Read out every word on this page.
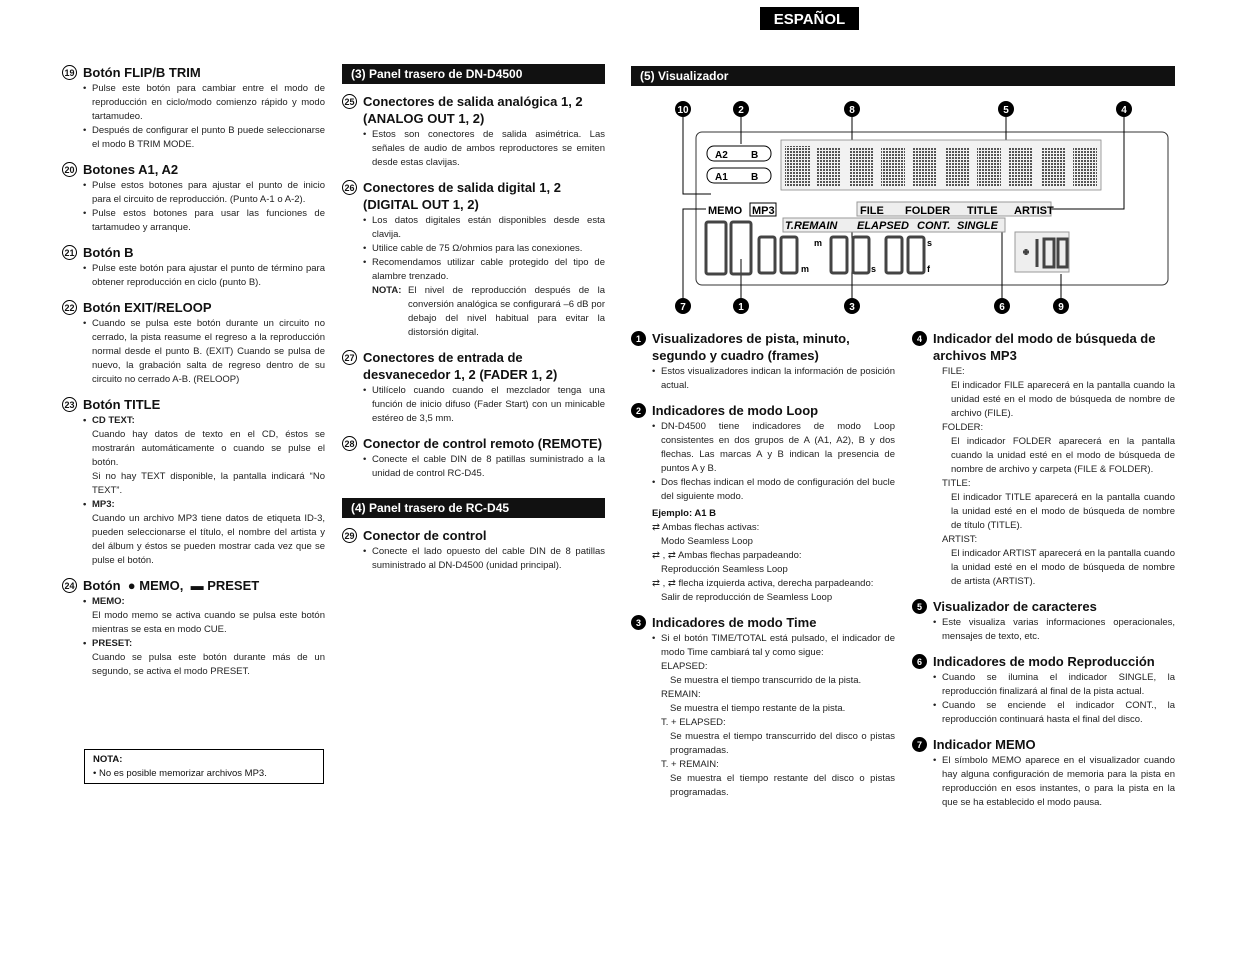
ESPAÑOL
19 Botón FLIP/B TRIM
• Pulse este botón para cambiar entre el modo de reproducción en ciclo/modo comienzo rápido y modo tartamudeo.
• Después de configurar el punto B puede seleccionarse el modo B TRIM MODE.
20 Botones A1, A2
• Pulse estos botones para ajustar el punto de inicio para el circuito de reproducción. (Punto A-1 o A-2).
• Pulse estos botones para usar las funciones de tartamudeo y arranque.
21 Botón B
• Pulse este botón para ajustar el punto de término para obtener reproducción en ciclo (punto B).
22 Botón EXIT/RELOOP
• Cuando se pulsa este botón durante un circuito no cerrado, la pista reasume el regreso a la reproducción normal desde el punto B. (EXIT) Cuando se pulsa de nuevo, la grabación salta de regreso dentro de su circuito no cerrado A-B. (RELOOP)
23 Botón TITLE
• CD TEXT:
Cuando hay datos de texto en el CD, éstos se mostrarán automáticamente o cuando se pulse el botón.
Si no hay TEXT disponible, la pantalla indicará “No TEXT”.
• MP3:
Cuando un archivo MP3 tiene datos de etiqueta ID-3, pueden seleccionarse el título, el nombre del artista y del álbum y éstos se pueden mostrar cada vez que se pulse el botón.
24 Botón ● MEMO, ▬ PRESET
• MEMO:
El modo memo se activa cuando se pulsa este botón mientras se esta en modo CUE.
• PRESET:
Cuando se pulsa este botón durante más de un segundo, se activa el modo PRESET.
NOTA:
• No es posible memorizar archivos MP3.
(3) Panel trasero de DN-D4500
25 Conectores de salida analógica 1, 2 (ANALOG OUT 1, 2)
• Estos son conectores de salida asimétrica. Las señales de audio de ambos reproductores se emiten desde estas clavijas.
26 Conectores de salida digital 1, 2 (DIGITAL OUT 1, 2)
• Los datos digitales están disponibles desde esta clavija.
• Utilice cable de 75 Ω/ohmios para las conexiones.
• Recomendamos utilizar cable protegido del tipo de alambre trenzado.
NOTA: El nivel de reproducción después de la conversión analógica se configurará –6 dB por debajo del nivel habitual para evitar la distorsión digital.
27 Conectores de entrada de desvanecedor 1, 2 (FADER 1, 2)
• Utilícelo cuando cuando el mezclador tenga una función de inicio difuso (Fader Start) con un minicable estéreo de 3,5 mm.
28 Conector de control remoto (REMOTE)
• Conecte el cable DIN de 8 patillas suministrado a la unidad de control RC-D45.
(4) Panel trasero de RC-D45
29 Conector de control
• Conecte el lado opuesto del cable DIN de 8 patillas suministrado al DN-D4500 (unidad principal).
(5) Visualizador
10	2	8	5	4
7	1	3	6	9
A2 B
A1 B
MEMO MP3	FILE FOLDER TITLE ARTIST
T.REMAIN ELAPSED CONT. SINGLE
m
m
s
s
f
1 Visualizadores de pista, minuto, segundo y cuadro (frames)
• Estos visualizadores indican la información de posición actual.
2 Indicadores de modo Loop
• DN-D4500 tiene indicadores de modo Loop consistentes en dos grupos de A (A1, A2), B y dos flechas. Las marcas A y B indican la presencia de puntos A y B.
• Dos flechas indican el modo de configuración del bucle del siguiente modo.
Ejemplo: A1 B
⇄ Ambas flechas activas:
Modo Seamless Loop
⇄ , ⇄ Ambas flechas parpadeando:
Reproducción Seamless Loop
⇄ , ⇄ flecha izquierda activa, derecha parpadeando:
Salir de reproducción de Seamless Loop
3 Indicadores de modo Time
• Si el botón TIME/TOTAL está pulsado, el indicador de modo Time cambiará tal y como sigue:
ELAPSED:
Se muestra el tiempo transcurrido de la pista.
REMAIN:
Se muestra el tiempo restante de la pista.
T. + ELAPSED:
Se muestra el tiempo transcurrido del disco o pistas programadas.
T. + REMAIN:
Se muestra el tiempo restante del disco o pistas programadas.
4 Indicador del modo de búsqueda de archivos MP3
FILE:
El indicador FILE aparecerá en la pantalla cuando la unidad esté en el modo de búsqueda de nombre de archivo (FILE).
FOLDER:
El indicador FOLDER aparecerá en la pantalla cuando la unidad esté en el modo de búsqueda de nombre de archivo y carpeta (FILE & FOLDER).
TITLE:
El indicador TITLE aparecerá en la pantalla cuando la unidad esté en el modo de búsqueda de nombre de título (TITLE).
ARTIST:
El indicador ARTIST aparecerá en la pantalla cuando la unidad esté en el modo de búsqueda de nombre de artista (ARTIST).
5 Visualizador de caracteres
• Este visualiza varias informaciones operacionales, mensajes de texto, etc.
6 Indicadores de modo Reproducción
• Cuando se ilumina el indicador SINGLE, la reproducción finalizará al final de la pista actual.
• Cuando se enciende el indicador CONT., la reproducción continuará hasta el final del disco.
7 Indicador MEMO
• El símbolo MEMO aparece en el visualizador cuando hay alguna configuración de memoria para la pista en reproducción en esos instantes, o para la pista en la que se ha establecido el modo pausa.
